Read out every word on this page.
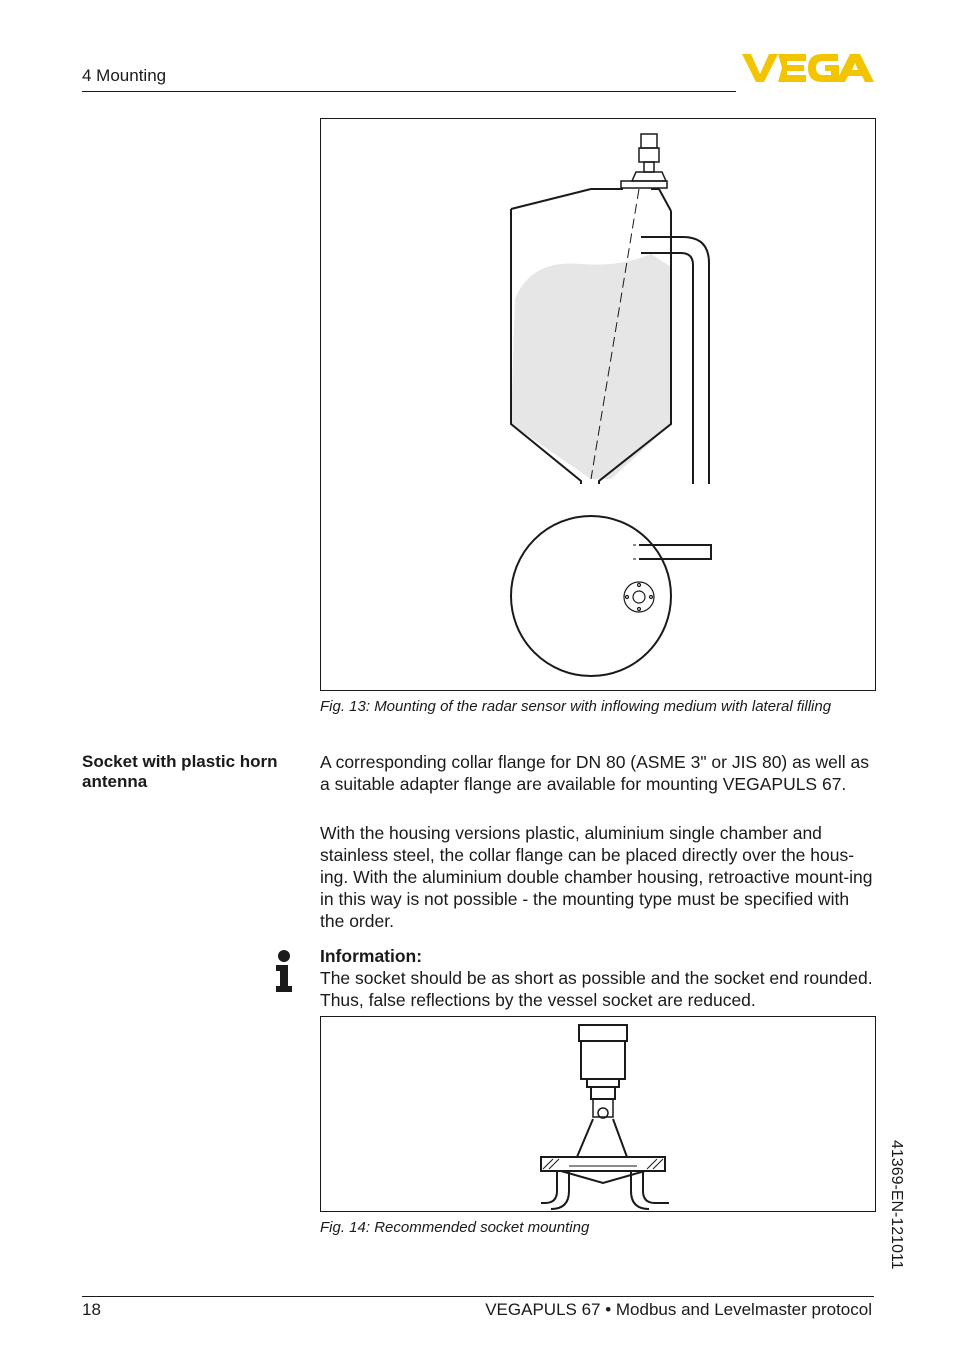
4 Mounting
Fig. 13: Mounting of the radar sensor with inflowing medium with lateral filling
Socket with plastic horn antenna
A corresponding collar flange for DN 80 (ASME 3" or JIS 80) as well as a suitable adapter flange are available for mounting VEGAPULS 67.
With the housing versions plastic, aluminium single chamber and stainless steel, the collar flange can be placed directly over the hous-ing. With the aluminium double chamber housing, retroactive mount-ing in this way is not possible - the mounting type must be specified with the order.
Information:
The socket should be as short as possible and the socket end rounded. Thus, false reflections by the vessel socket are reduced.
Fig. 14: Recommended socket mounting	41369-EN-121011
18	VEGAPULS 67 • Modbus and Levelmaster protocol
